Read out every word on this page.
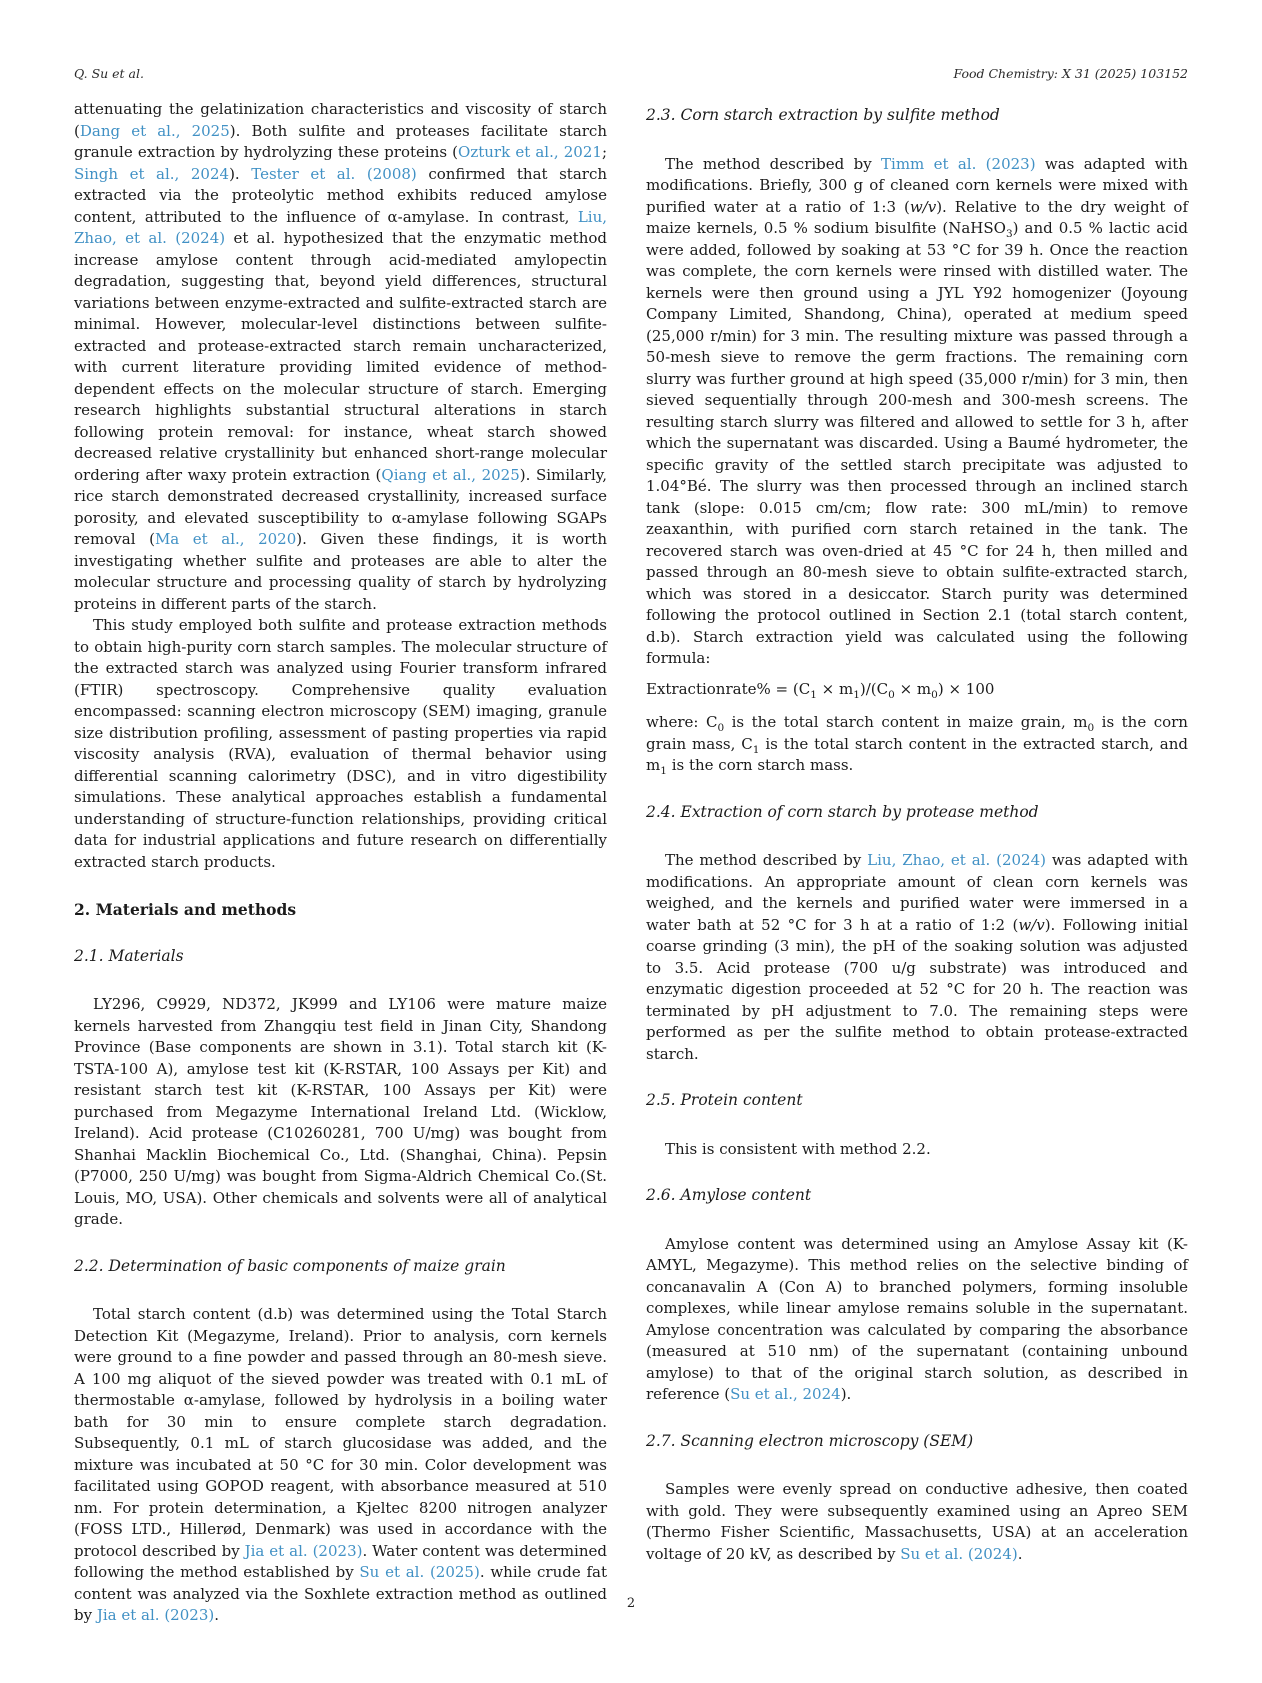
Q. Su et al.	Food Chemistry: X 31 (2025) 103152

attenuating the gelatinization characteristics and viscosity of starch (Dang et al., 2025). Both sulfite and proteases facilitate starch granule extraction by hydrolyzing these proteins (Ozturk et al., 2021; Singh et al., 2024). Tester et al. (2008) confirmed that starch extracted via the proteolytic method exhibits reduced amylose content, attributed to the influence of α-amylase. In contrast, Liu, Zhao, et al. (2024) et al. hypothesized that the enzymatic method increase amylose content through acid-mediated amylopectin degradation, suggesting that, beyond yield differences, structural variations between enzyme-extracted and sulfite-extracted starch are minimal. However, molecular-level distinctions between sulfite-extracted and protease-extracted starch remain uncharacterized, with current literature providing limited evidence of method-dependent effects on the molecular structure of starch. Emerging research highlights substantial structural alterations in starch following protein removal: for instance, wheat starch showed decreased relative crystallinity but enhanced short-range molecular ordering after waxy protein extraction (Qiang et al., 2025). Similarly, rice starch demonstrated decreased crystallinity, increased surface porosity, and elevated susceptibility to α-amylase following SGAPs removal (Ma et al., 2020). Given these findings, it is worth investigating whether sulfite and proteases are able to alter the molecular structure and processing quality of starch by hydrolyzing proteins in different parts of the starch.

This study employed both sulfite and protease extraction methods to obtain high-purity corn starch samples. The molecular structure of the extracted starch was analyzed using Fourier transform infrared (FTIR) spectroscopy. Comprehensive quality evaluation encompassed: scanning electron microscopy (SEM) imaging, granule size distribution profiling, assessment of pasting properties via rapid viscosity analysis (RVA), evaluation of thermal behavior using differential scanning calorimetry (DSC), and in vitro digestibility simulations. These analytical approaches establish a fundamental understanding of structure-function relationships, providing critical data for industrial applications and future research on differentially extracted starch products.

2. Materials and methods
2.1. Materials

LY296, C9929, ND372, JK999 and LY106 were mature maize kernels harvested from Zhangqiu test field in Jinan City, Shandong Province (Base components are shown in 3.1). Total starch kit (K-TSTA-100 A), amylose test kit (K-RSTAR, 100 Assays per Kit) and resistant starch test kit (K-RSTAR, 100 Assays per Kit) were purchased from Megazyme International Ireland Ltd. (Wicklow, Ireland). Acid protease (C10260281, 700 U/mg) was bought from Shanhai Macklin Biochemical Co., Ltd. (Shanghai, China). Pepsin (P7000, 250 U/mg) was bought from Sigma-Aldrich Chemical Co.(St. Louis, MO, USA). Other chemicals and solvents were all of analytical grade.

2.2. Determination of basic components of maize grain

Total starch content (d.b) was determined using the Total Starch Detection Kit (Megazyme, Ireland). Prior to analysis, corn kernels were ground to a fine powder and passed through an 80-mesh sieve. A 100 mg aliquot of the sieved powder was treated with 0.1 mL of thermostable α-amylase, followed by hydrolysis in a boiling water bath for 30 min to ensure complete starch degradation. Subsequently, 0.1 mL of starch glucosidase was added, and the mixture was incubated at 50 °C for 30 min. Color development was facilitated using GOPOD reagent, with absorbance measured at 510 nm. For protein determination, a Kjeltec 8200 nitrogen analyzer (FOSS LTD., Hillerød, Denmark) was used in accordance with the protocol described by Jia et al. (2023). Water content was determined following the method established by Su et al. (2025). while crude fat content was analyzed via the Soxhlete extraction method as outlined by Jia et al. (2023).

2.3. Corn starch extraction by sulfite method

The method described by Timm et al. (2023) was adapted with modifications. Briefly, 300 g of cleaned corn kernels were mixed with purified water at a ratio of 1:3 (w/v). Relative to the dry weight of maize kernels, 0.5 % sodium bisulfite (NaHSO$_3$) and 0.5 % lactic acid were added, followed by soaking at 53 °C for 39 h. Once the reaction was complete, the corn kernels were rinsed with distilled water. The kernels were then ground using a JYL Y92 homogenizer (Joyoung Company Limited, Shandong, China), operated at medium speed (25,000 r/min) for 3 min. The resulting mixture was passed through a 50-mesh sieve to remove the germ fractions. The remaining corn slurry was further ground at high speed (35,000 r/min) for 3 min, then sieved sequentially through 200-mesh and 300-mesh screens. The resulting starch slurry was filtered and allowed to settle for 3 h, after which the supernatant was discarded. Using a Baumé hydrometer, the specific gravity of the settled starch precipitate was adjusted to 1.04°Bé. The slurry was then processed through an inclined starch tank (slope: 0.015 cm/cm; flow rate: 300 mL/min) to remove zeaxanthin, with purified corn starch retained in the tank. The recovered starch was oven-dried at 45 °C for 24 h, then milled and passed through an 80-mesh sieve to obtain sulfite-extracted starch, which was stored in a desiccator. Starch purity was determined following the protocol outlined in Section 2.1 (total starch content, d.b). Starch extraction yield was calculated using the following formula:

Extractionrate% = $(C_1 \times m_1)/(C_0 \times m_0) \times 100$

where: $C_0$ is the total starch content in maize grain, $m_0$ is the corn grain mass, $C_1$ is the total starch content in the extracted starch, and $m_1$ is the corn starch mass.

2.4. Extraction of corn starch by protease method

The method described by Liu, Zhao, et al. (2024) was adapted with modifications. An appropriate amount of clean corn kernels was weighed, and the kernels and purified water were immersed in a water bath at 52 °C for 3 h at a ratio of 1:2 (w/v). Following initial coarse grinding (3 min), the pH of the soaking solution was adjusted to 3.5. Acid protease (700 u/g substrate) was introduced and enzymatic digestion proceeded at 52 °C for 20 h. The reaction was terminated by pH adjustment to 7.0. The remaining steps were performed as per the sulfite method to obtain protease-extracted starch.

2.5. Protein content

This is consistent with method 2.2.

2.6. Amylose content

Amylose content was determined using an Amylose Assay kit (K-AMYL, Megazyme). This method relies on the selective binding of concanavalin A (Con A) to branched polymers, forming insoluble complexes, while linear amylose remains soluble in the supernatant. Amylose concentration was calculated by comparing the absorbance (measured at 510 nm) of the supernatant (containing unbound amylose) to that of the original starch solution, as described in reference (Su et al., 2024).

2.7. Scanning electron microscopy (SEM)

Samples were evenly spread on conductive adhesive, then coated with gold. They were subsequently examined using an Apreo SEM (Thermo Fisher Scientific, Massachusetts, USA) at an acceleration voltage of 20 kV, as described by Su et al. (2024).

2
